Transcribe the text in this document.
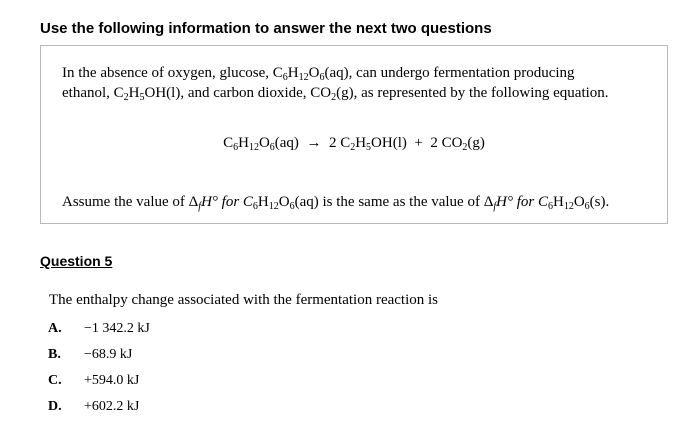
Use the following information to answer the next two questions
In the absence of oxygen, glucose, $C_6H_{12}O_6(aq)$, can undergo fermentation producing
ethanol, $C_2H_5OH(l)$, and carbon dioxide, $CO_2(g)$, as represented by the following equation.
$C_6H_{12}O_6(aq) \to 2$ $C_2H_5OH(l) + 2$ $CO_2(g)$
Assume the value of $\Delta_fH^\circ$ for $C_6H_{12}O_6(aq)$ is the same as the value of $\Delta_fH^\circ$ for $C_6H_{12}O_6(s)$.
Question 5
The enthalpy change associated with the fermentation reaction is
A.	−1 342.2 kJ
B.	−68.9 kJ
C.	+594.0 kJ
D.	+602.2 kJ
